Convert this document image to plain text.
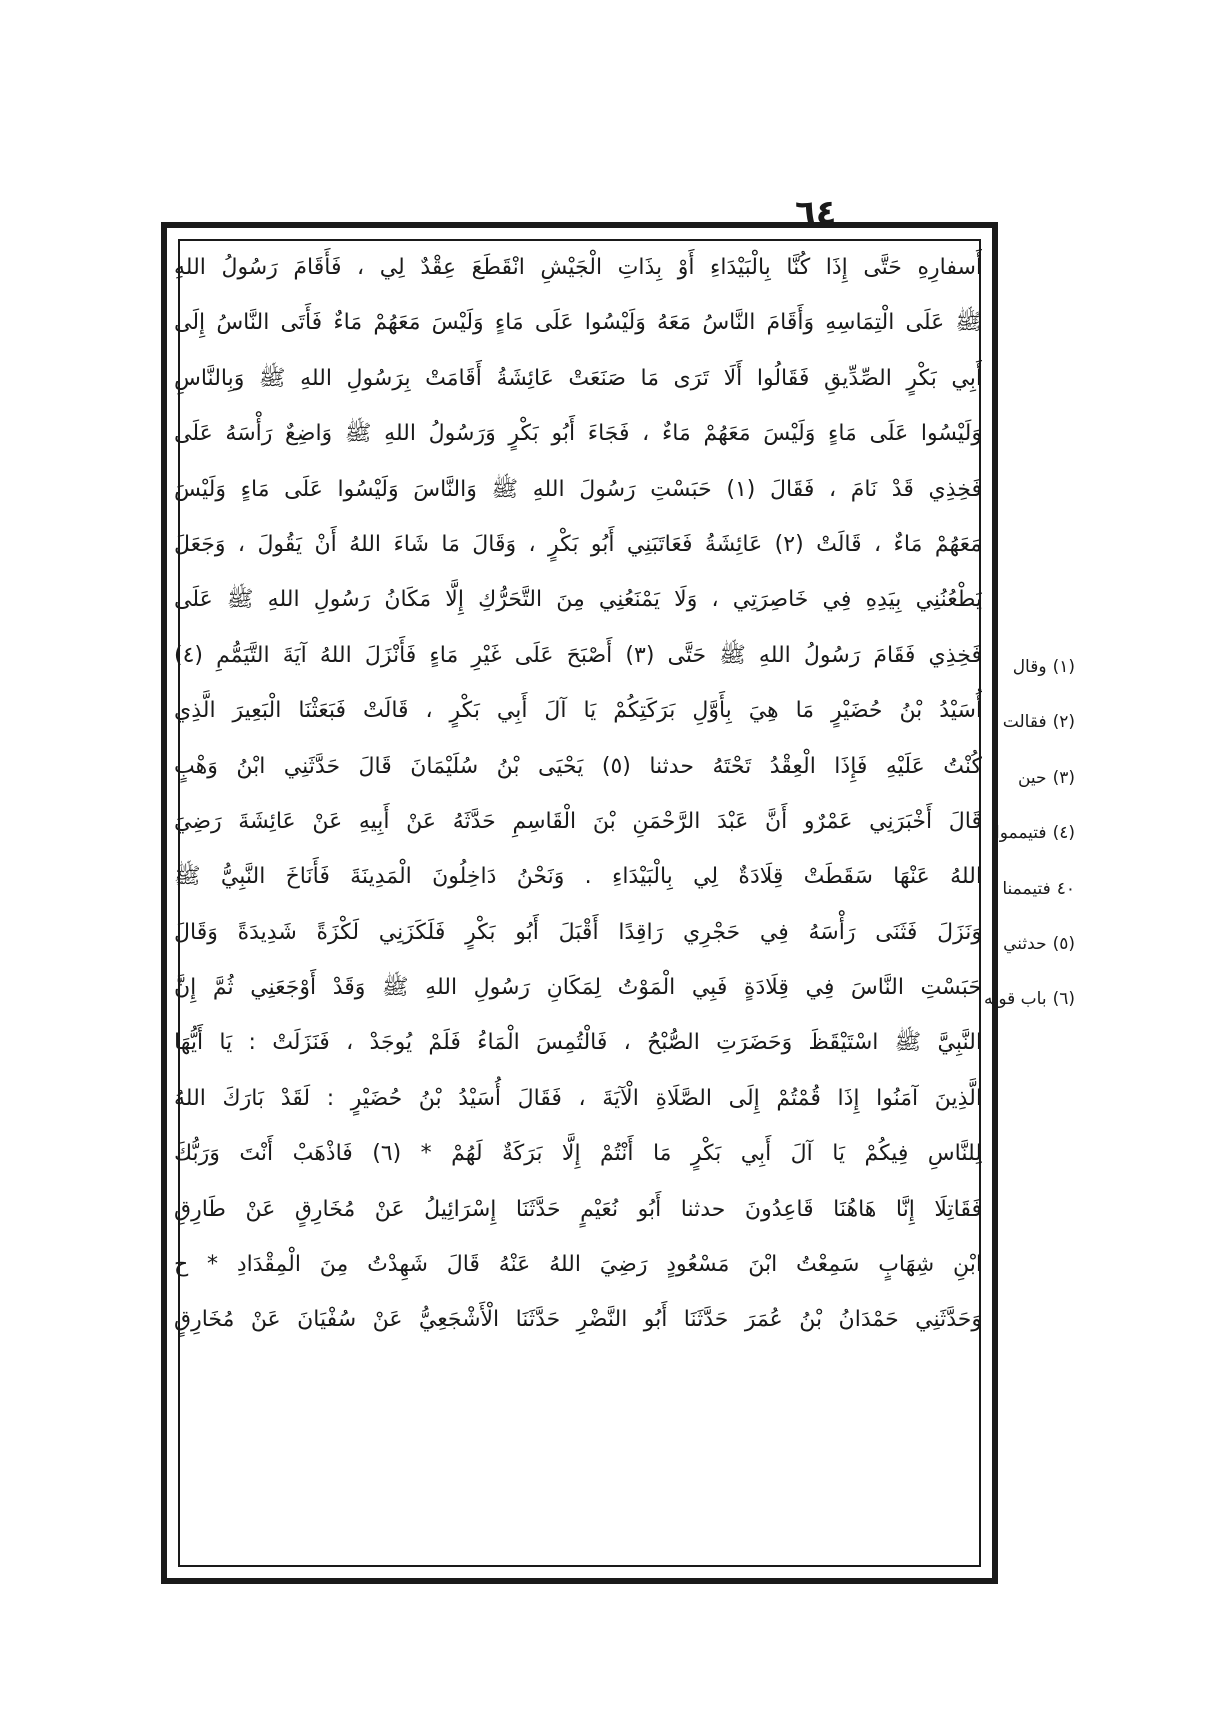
٦٤
أَسفارِهِ حَتَّى إِذَا كُنَّا بِالْبَيْدَاءِ أَوْ بِذَاتِ الْجَيْشِ انْقَطَعَ عِقْدٌ لِي ، فَأَقَامَ رَسُولُ اللهِ
ﷺ عَلَى الْتِمَاسِهِ وَأَقَامَ النَّاسُ مَعَهُ وَلَيْسُوا عَلَى مَاءٍ وَلَيْسَ مَعَهُمْ مَاءٌ فَأَتَى النَّاسُ إِلَى
أَبِي بَكْرٍ الصِّدِّيقِ فَقَالُوا أَلَا تَرَى مَا صَنَعَتْ عَائِشَةُ أَقَامَتْ بِرَسُولِ اللهِ ﷺ وَبِالنَّاسِ
وَلَيْسُوا عَلَى مَاءٍ وَلَيْسَ مَعَهُمْ مَاءٌ ، فَجَاءَ أَبُو بَكْرٍ وَرَسُولُ اللهِ ﷺ وَاضِعٌ رَأْسَهُ عَلَى
فَخِذِي قَدْ نَامَ ، فَقَالَ (١) حَبَسْتِ رَسُولَ اللهِ ﷺ وَالنَّاسَ وَلَيْسُوا عَلَى مَاءٍ وَلَيْسَ
مَعَهُمْ مَاءٌ ، قَالَتْ (٢) عَائِشَةُ فَعَاتَبَنِي أَبُو بَكْرٍ ، وَقَالَ مَا شَاءَ اللهُ أَنْ يَقُولَ ، وَجَعَلَ
يَطْعُنُنِي بِيَدِهِ فِي خَاصِرَتِي ، وَلَا يَمْنَعُنِي مِنَ التَّحَرُّكِ إِلَّا مَكَانُ رَسُولِ اللهِ ﷺ عَلَى
فَخِذِي فَقَامَ رَسُولُ اللهِ ﷺ حَتَّى (٣) أَصْبَحَ عَلَى غَيْرِ مَاءٍ فَأَنْزَلَ اللهُ آيَةَ التَّيَمُّمِ (٤)
أُسَيْدُ بْنُ حُضَيْرٍ مَا هِيَ بِأَوَّلِ بَرَكَتِكُمْ يَا آلَ أَبِي بَكْرٍ ، قَالَتْ فَبَعَثْنَا الْبَعِيرَ الَّذِي
كُنْتُ عَلَيْهِ فَإِذَا الْعِقْدُ تَحْتَهُ حدثنا (٥) يَحْيَى بْنُ سُلَيْمَانَ قَالَ حَدَّثَنِي ابْنُ وَهْبٍ
قَالَ أَخْبَرَنِي عَمْرٌو أَنَّ عَبْدَ الرَّحْمَنِ بْنَ الْقَاسِمِ حَدَّثَهُ عَنْ أَبِيهِ عَنْ عَائِشَةَ رَضِيَ
اللهُ عَنْهَا سَقَطَتْ قِلَادَةٌ لِي بِالْبَيْدَاءِ . وَنَحْنُ دَاخِلُونَ الْمَدِينَةَ فَأَنَاخَ النَّبِيُّ ﷺ
وَنَزَلَ فَثَنَى رَأْسَهُ فِي حَجْرِي رَاقِدًا أَقْبَلَ أَبُو بَكْرٍ فَلَكَزَنِي لَكْزَةً شَدِيدَةً وَقَالَ
حَبَسْتِ النَّاسَ فِي قِلَادَةٍ فَبِي الْمَوْتُ لِمَكَانِ رَسُولِ اللهِ ﷺ وَقَدْ أَوْجَعَنِي ثُمَّ إِنَّ
النَّبِيَّ ﷺ اسْتَيْقَظَ وَحَضَرَتِ الصُّبْحُ ، فَالْتُمِسَ الْمَاءُ فَلَمْ يُوجَدْ ، فَنَزَلَتْ : يَا أَيُّهَا
الَّذِينَ آمَنُوا إِذَا قُمْتُمْ إِلَى الصَّلَاةِ الْآيَةَ ، فَقَالَ أُسَيْدُ بْنُ حُضَيْرٍ : لَقَدْ بَارَكَ اللهُ
لِلنَّاسِ فِيكُمْ يَا آلَ أَبِي بَكْرٍ مَا أَنْتُمْ إِلَّا بَرَكَةٌ لَهُمْ * (٦) فَاذْهَبْ أَنْتَ وَرَبُّكَ
فَقَاتِلَا إِنَّا هَاهُنَا قَاعِدُونَ حدثنا أَبُو نُعَيْمٍ حَدَّثَنَا إِسْرَائِيلُ عَنْ مُخَارِقٍ عَنْ طَارِقِ
ابْنِ شِهَابٍ سَمِعْتُ ابْنَ مَسْعُودٍ رَضِيَ اللهُ عَنْهُ قَالَ شَهِدْتُ مِنَ الْمِقْدَادِ * ح
وَحَدَّثَنِي حَمْدَانُ بْنُ عُمَرَ حَدَّثَنَا أَبُو النَّضْرِ حَدَّثَنَا الْأَشْجَعِيُّ عَنْ سُفْيَانَ عَنْ مُخَارِقٍ
(١)وقال
(٢)فقالت
(٣)حين
(٤)فتيمموا
٤٠فتيممنا
(٥)حدثني
(٦)باب قوله
